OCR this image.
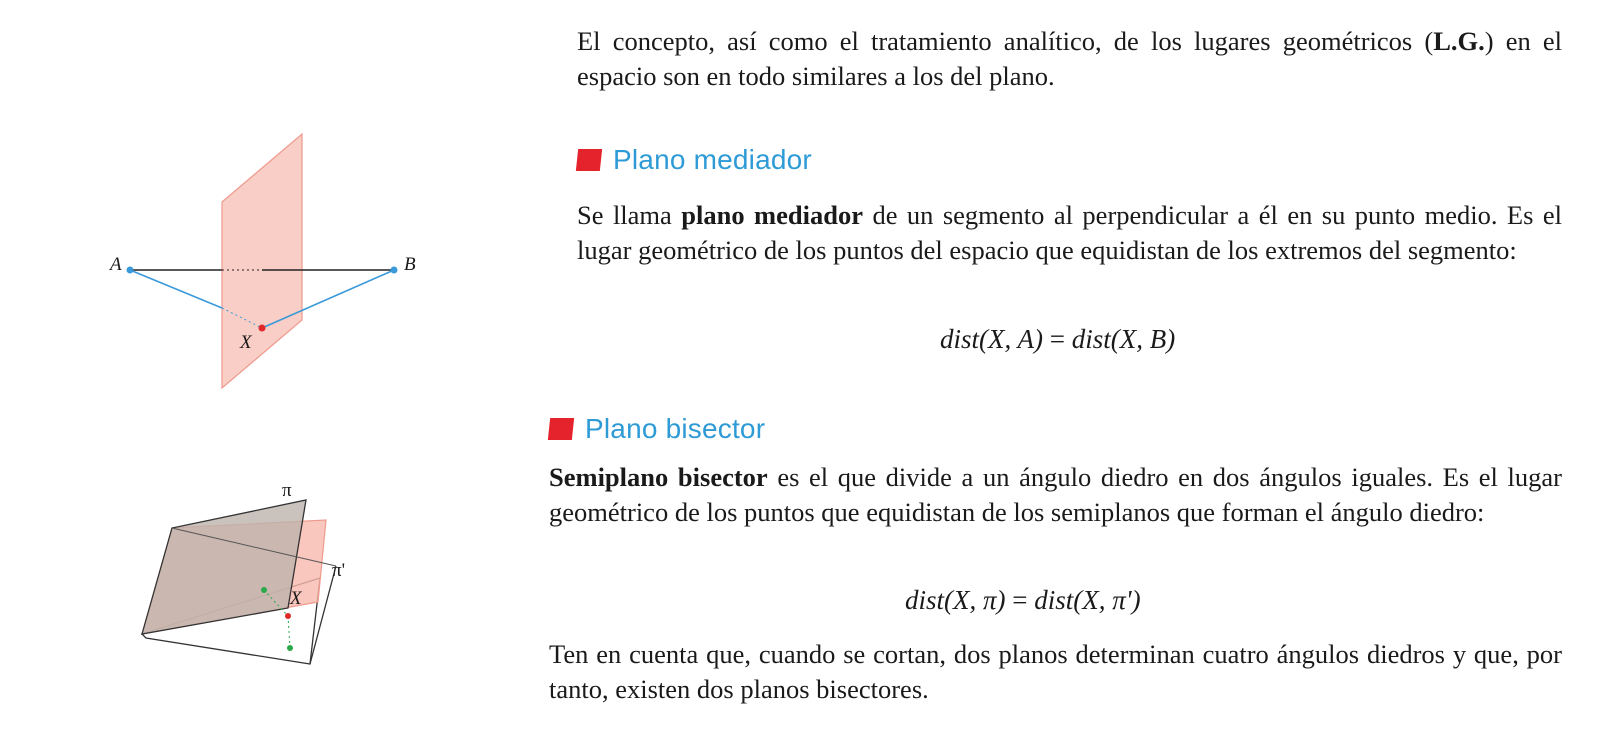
A	B
X
π
π'
X

El concepto, así como el tratamiento analítico, de los lugares geométricos (L.G.) en el espacio son en todo similares a los del plano.

Plano mediador

Se llama plano mediador de un segmento al perpendicular a él en su punto medio. Es el lugar geométrico de los puntos del espacio que equidistan de los extremos del segmento:

dist(X, A) = dist(X, B)
Plano bisector

Semiplano bisector es el que divide a un ángulo diedro en dos ángulos iguales. Es el lugar geométrico de los puntos que equidistan de los semiplanos que forman el ángulo diedro:

dist(X, π) = dist(X, π')

Ten en cuenta que, cuando se cortan, dos planos determinan cuatro ángulos diedros y que, por tanto, existen dos planos bisectores.
